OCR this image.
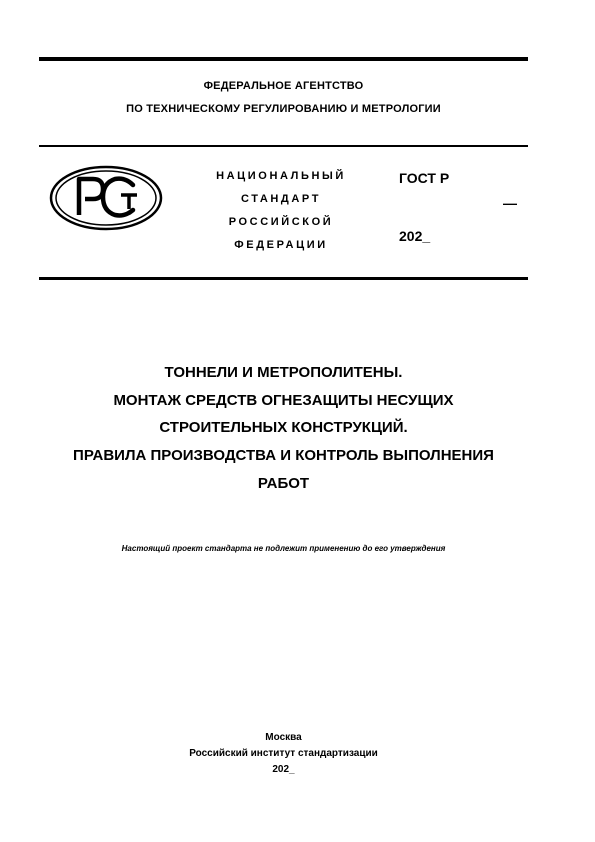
ФЕДЕРАЛЬНОЕ АГЕНТСТВО
ПО ТЕХНИЧЕСКОМУ РЕГУЛИРОВАНИЮ И МЕТРОЛОГИИ
НАЦИОНАЛЬНЫЙ
СТАНДАРТ
РОССИЙСКОЙ
ФЕДЕРАЦИИ
ГОСТ Р
—
202_
ТОННЕЛИ И МЕТРОПОЛИТЕНЫ.
МОНТАЖ СРЕДСТВ ОГНЕЗАЩИТЫ НЕСУЩИХ
СТРОИТЕЛЬНЫХ КОНСТРУКЦИЙ.
ПРАВИЛА ПРОИЗВОДСТВА И КОНТРОЛЬ ВЫПОЛНЕНИЯ
РАБОТ
Настоящий проект стандарта не подлежит применению до его утверждения
Москва
Российский институт стандартизации
202_
